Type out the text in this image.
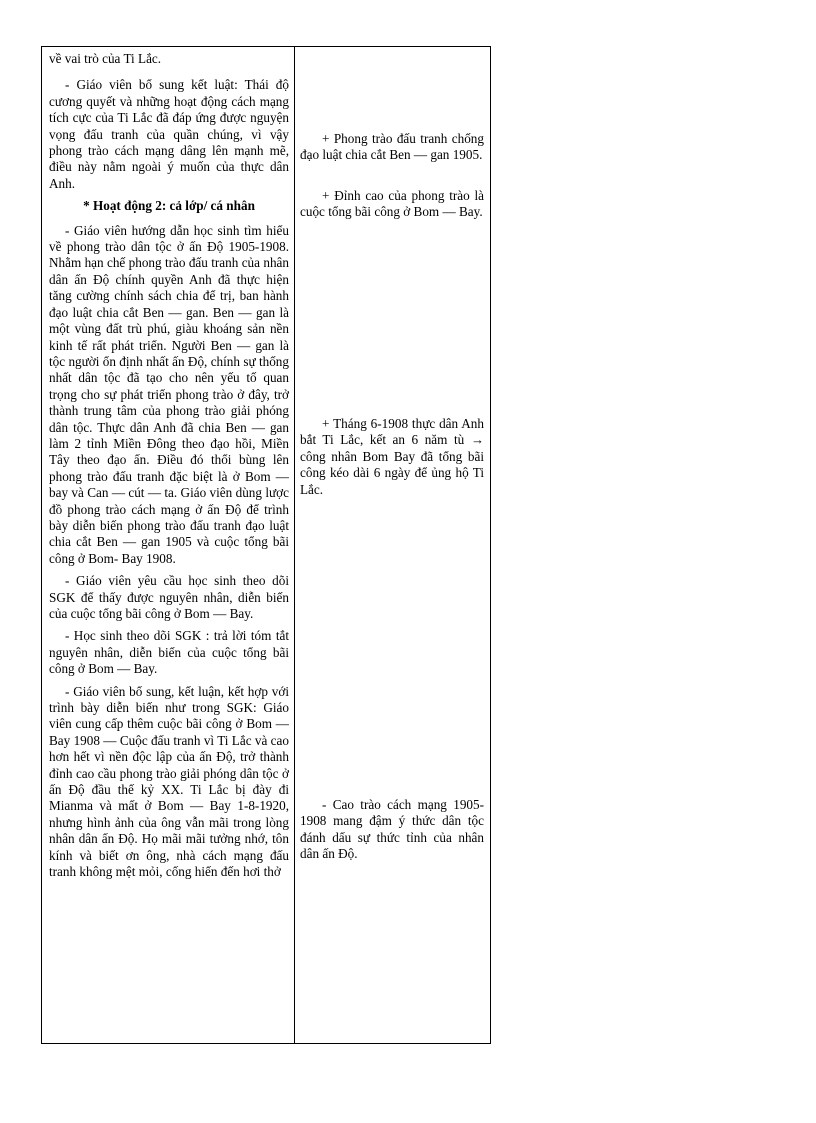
về vai trò của Ti Lắc.

- Giáo viên bổ sung kết luật: Thái độ cương quyết và những hoạt động cách mạng tích cực của Ti Lắc đã đáp ứng được nguyện vọng đấu tranh của quần chúng, vì vậy phong trào cách mạng dâng lên mạnh mẽ, điều này nằm ngoài ý muốn của thực dân Anh.

* Hoạt động 2: cả lớp/ cá nhân

- Giáo viên hướng dẫn học sinh tìm hiểu về phong trào dân tộc ở ấn Độ 1905-1908. Nhằm hạn chế phong trào đấu tranh của nhân dân ấn Độ chính quyền Anh đã thực hiện tăng cường chính sách chia để trị, ban hành đạo luật chia cắt Ben — gan. Ben — gan là một vùng đất trù phú, giàu khoáng sản nền kinh tế rất phát triển. Người Ben — gan là tộc người ổn định nhất ấn Độ, chính sự thống nhất dân tộc đã tạo cho nên yếu tố quan trọng cho sự phát triển phong trào ở đây, trở thành trung tâm của phong trào giải phóng dân tộc. Thực dân Anh đã chia Ben — gan làm 2 tỉnh Miền Đông theo đạo hồi, Miền Tây theo đạo ấn. Điều đó thổi bùng lên phong trào đấu tranh đặc biệt là ở Bom — bay và Can — cút — ta. Giáo viên dùng lược đồ phong trào cách mạng ở ấn Độ để trình bày diễn biến phong trào đấu tranh đạo luật chia cắt Ben — gan 1905 và cuộc tổng bãi công ở Bom- Bay 1908.

- Giáo viên yêu cầu học sinh theo dõi SGK để thấy được nguyên nhân, diễn biến của cuộc tổng bãi công ở Bom — Bay.

- Học sinh theo dõi SGK : trả lời tóm tắt nguyên nhân, diễn biến của cuộc tổng bãi công ở Bom — Bay.

- Giáo viên bổ sung, kết luận, kết hợp với trình bày diễn biến như trong SGK: Giáo viên cung cấp thêm cuộc bãi công ở Bom — Bay 1908 — Cuộc đấu tranh vì Ti Lắc và cao hơn hết vì nền độc lập của ấn Độ, trở thành đỉnh cao cầu phong trào giải phóng dân tộc ở ấn Độ đầu thế kỷ XX. Ti Lắc bị đày đi Mianma và mất ở Bom — Bay 1-8-1920, nhưng hình ảnh của ông vẫn mãi trong lòng nhân dân ấn Độ. Họ mãi mãi tưởng nhớ, tôn kính và biết ơn ông, nhà cách mạng đấu tranh không mệt mỏi, cống hiến đến hơi thở

+ Phong trào đấu tranh chống đạo luật chia cắt Ben — gan 1905.

+ Đỉnh cao của phong trào là cuộc tổng bãi công ở Bom — Bay.

+ Tháng 6-1908 thực dân Anh bắt Ti Lắc, kết an 6 năm tù → công nhân Bom Bay đã tổng bãi công kéo dài 6 ngày để ủng hộ Ti Lắc.

- Cao trào cách mạng 1905-1908 mang đậm ý thức dân tộc đánh dấu sự thức tỉnh của nhân dân ấn Độ.
